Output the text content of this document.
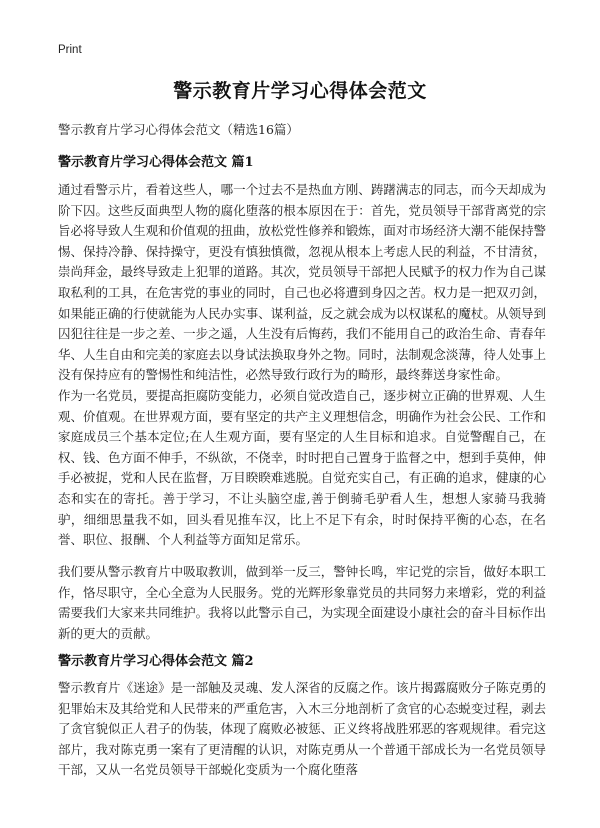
Print
警示教育片学习心得体会范文
警示教育片学习心得体会范文（精选16篇）
警示教育片学习心得体会范文 篇1
通过看警示片，看着这些人，哪一个过去不是热血方刚、踌躇满志的同志，而今天却成为阶下囚。这些反面典型人物的腐化堕落的根本原因在于：首先，党员领导干部背离党的宗旨必将导致人生观和价值观的扭曲，放松党性修养和锻炼，面对市场经济大潮不能保持警惕、保持冷静、保持操守，更没有慎独慎微，忽视从根本上考虑人民的利益，不甘清贫，崇尚拜金，最终导致走上犯罪的道路。其次，党员领导干部把人民赋予的权力作为自己谋取私利的工具，在危害党的事业的同时，自己也必将遭到身囚之苦。权力是一把双刃剑，如果能正确的行使就能为人民办实事、谋利益，反之就会成为以权谋私的魔杖。从领导到囚犯往往是一步之差、一步之遥，人生没有后悔药，我们不能用自己的政治生命、青春年华、人生自由和完美的家庭去以身试法换取身外之物。同时，法制观念淡薄，待人处事上没有保持应有的警惕性和纯洁性，必然导致行政行为的畸形，最终葬送身家性命。
作为一名党员，要提高拒腐防变能力，必须自觉改造自己，逐步树立正确的世界观、人生观、价值观。在世界观方面，要有坚定的共产主义理想信念，明确作为社会公民、工作和家庭成员三个基本定位;在人生观方面，要有坚定的人生目标和追求。自觉警醒自己，在权、钱、色方面不伸手，不纵欲，不侥幸，时时把自己置身于监督之中，想到手莫伸，伸手必被捉，党和人民在监督，万目睽睽难逃脱。自觉充实自己，有正确的追求，健康的心态和实在的寄托。善于学习，不让头脑空虚,善于倒骑毛驴看人生，想想人家骑马我骑驴，细细思量我不如，回头看见推车汉，比上不足下有余，时时保持平衡的心态，在名誉、职位、报酬、个人利益等方面知足常乐。
我们要从警示教育片中吸取教训，做到举一反三，警钟长鸣，牢记党的宗旨，做好本职工作，恪尽职守，全心全意为人民服务。党的光辉形象靠党员的共同努力来增彩，党的利益需要我们大家来共同维护。我将以此警示自己，为实现全面建设小康社会的奋斗目标作出新的更大的贡献。
警示教育片学习心得体会范文 篇2
警示教育片《迷途》是一部触及灵魂、发人深省的反腐之作。该片揭露腐败分子陈克勇的犯罪始末及其给党和人民带来的严重危害，入木三分地剖析了贪官的心态蜕变过程，剥去了贪官貌似正人君子的伪装，体现了腐败必被惩、正义终将战胜邪恶的客观规律。看完这部片，我对陈克勇一案有了更清醒的认识，对陈克勇从一个普通干部成长为一名党员领导干部，又从一名党员领导干部蜕化变质为一个腐化堕落
